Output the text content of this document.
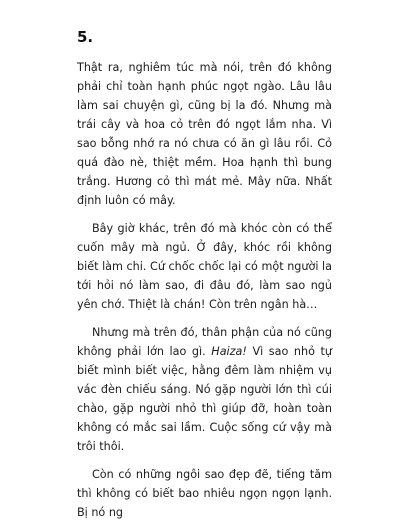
5.

Thật ra, nghiêm túc mà nói, trên đó không phải chỉ toàn hạnh phúc ngọt ngào. Lâu lâu làm sai chuyện gì, cũng bị la đó. Nhưng mà trái cây và hoa cỏ trên đó ngọt lắm nha. Vì sao bỗng nhớ ra nó chưa có ăn gì lâu rồi. Cỏ quá đào nè, thiệt mềm. Hoa hạnh thì bung trắng. Hương cỏ thì mát mẻ. Mây nữa. Nhất định luôn có mây.

Bây giờ khác, trên đó mà khóc còn có thể cuốn mây mà ngủ. Ở đây, khóc rồi không biết làm chi. Cứ chốc chốc lại có một người la tới hỏi nó làm sao, đi đâu đó, làm sao ngủ yên chớ. Thiệt là chán! Còn trên ngân hà…

Nhưng mà trên đó, thân phận của nó cũng không phải lớn lao gì. Haiza! Vì sao nhỏ tự biết mình biết việc, hằng đêm làm nhiệm vụ vác đèn chiếu sáng. Nó gặp người lớn thì cúi chào, gặp người nhỏ thì giúp đỡ, hoàn toàn không có mắc sai lầm. Cuộc sống cứ vậy mà trôi thôi.

Còn có những ngôi sao đẹp đẽ, tiếng tăm thì không có biết bao nhiêu ngọn ngọn lạnh. Bị nó ng
